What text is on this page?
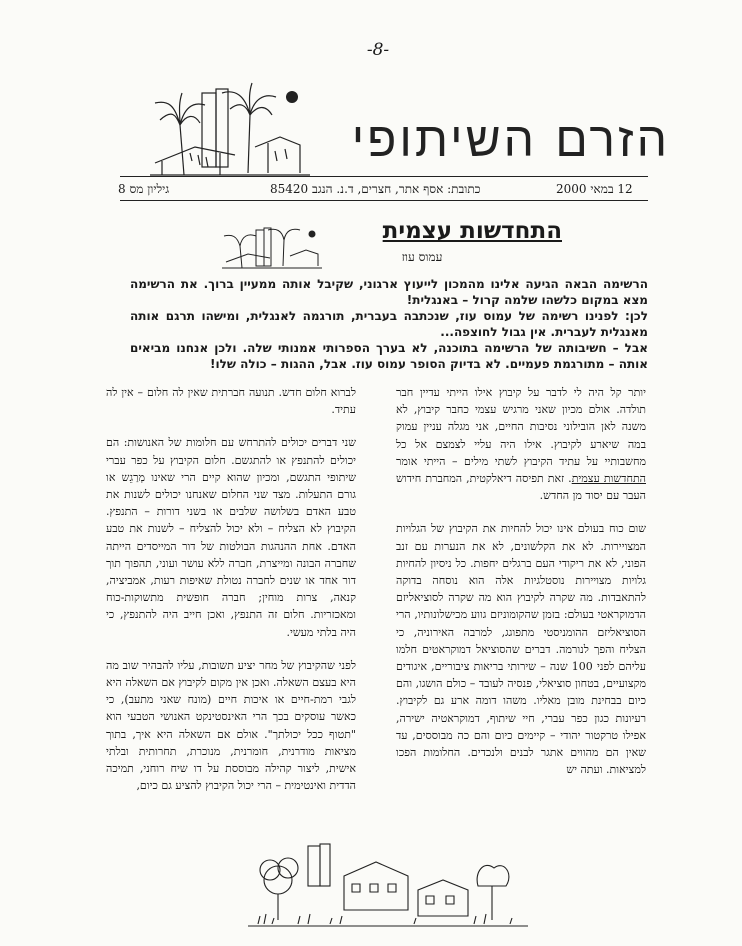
-8-
הזרם השיתופי
12 במאי 2000
כתובת: אסף אתר, חצרים, ד.נ. הנגב 85420
גיליון מס 8
התחדשות עצמית
עמוס עוז

הרשימה הבאה הגיעה אלינו מהמכון לייעוץ ארגוני, שקיבל אותה ממעיין ברוך. את הרשימה מצא במקום כלשהו שלמה קרול – באנגלית!

לכן: לפנינו רשימה של עמוס עוז, שנכתבה בעברית, תורגמה לאנגלית, ומישהו תרגם אותה מאנגלית לעברית. אין גבול לחוצפה...

אבל – חשיבותה של הרשימה בתוכנה, לא בערך הספרותי אמנותי שלה. ולכן אנחנו מביאים אותה – מתורגמת פעמיים. לא בדיוק הסופר עמוס עוז. אבל, ההגות – כולה שלו!

יותר קל היה לי לדבר על קיבוץ אילו הייתי עדיין חבר תולדה. אולם מכיון שאני מרגיש עצמי כחבר קיבוץ, לא משנה לאן הובילוני נסיבות החיים, אני מגלה עניין עמוק במה שיארע לקיבוץ. אילו היה עליי לצמצם אל כל מחשבותיי על עתיד הקיבוץ לשתי מילים – הייתי אומר התחדשות עצמית. זאת תפיסה דיאלקטית, המחברת חידוש העבר עם יסוד מן החדש.

שום כוח בעולם אינו יכול להחיות את הקיבוץ של הגלויות המצויירות. לא את הקלשונים, לא את הנערות עם זנב הפוני, לא את ריקודי העם ברגלים יחפות. כל ניסיון להחיות גלויות מצויירות נוסטלגיות אלה הוא נוסחה בדוקה להתאבדות. מה שקרה לקיבוץ הוא מה שקרה לסוציאליזם הדמוקראטי בעולם: בזמן שהקומוניזם גווע מכישלונותיו, הרי הסוציאליזם ההומניסטי מתפוגג, למרבה האירוניה, כי הצליח והפך לנורמה. דברים שהסוציאל דמוקראטים חלמו עליהם לפני 100 שנה – שירותי בריאות ציבוריים, איגודים מקצועיים, בטחון סוציאלי, פנסיה לעובד – כולם הושגו, והם כיום בבחינת מובן מאליו. משהו דומה ארע גם לקיבוץ. רעיונות כגון כפר עברי, חיי שיתוף, דמוקראטיה ישירה, אפילו טרקטור יהודי – קיימים כיום והם כה מבוססים, עד שאין הם מהווים אתגר לבנים ולנכדים. החלומות הפכו למציאות. ועתה יש

לברוא חלום חדש. תנועה חברתית שאין לה חלום – אין לה עתיד.

שני דברים יכולים להתרחש עם חלומות של האנושות: הם יכולים להתנפץ או להתגשם. חלום הקיבוץ על כפר עברי שיתופי התגשם, ומכיון שהוא קיים הרי שאינו מְרַגֵש או גורם התעלות. מצד שני החלום שאנחנו יכולים לשנות את טבע האדם בשלושה שלבים או בשני דורות – התנפץ. הקיבוץ לא הצליח – ולא יכול להצליח – לשנות את טבע האדם. אחת ההנהגות הבולטות של דור המייסדים הייתה שחברה הבונה ומייצרת, חברה ללא עושר ועוני, תהפוך תוך דור אחד או שנים לחברה נטולת שאיפות רעות, אמביציה, קנאה, צרות מוחין; חברה חופשית מתשוקות-כוח ומאכזריות. חלום זה התנפץ, ואכן חייב היה להתנפץ, כי היה בלתי מעשי.

לפני שהקיבוץ של מחר יציע תשובות, עליו להבהיר שוב מה היא בעצם השאלה. ואכן אין מקום לקיבוץ אם השאלה היא לגבי רמת-חיים או איכות חיים (מונח שאני מתעב), כי כאשר עוסקים בכך הרי האינסטינקט האנושי הטבעי הוא "תטוף ככל יכולתך". אולם אם השאלה היא איך, בתוך מציאות מודרנית, חומרנית, מנוכרת, תחרותית ובלתי אישית, ליצור קהילה מבוססת על דו שיח רוחני, תמיכה הדדית ואינטימית – הרי יכול הקיבוץ להציע גם כיום,
